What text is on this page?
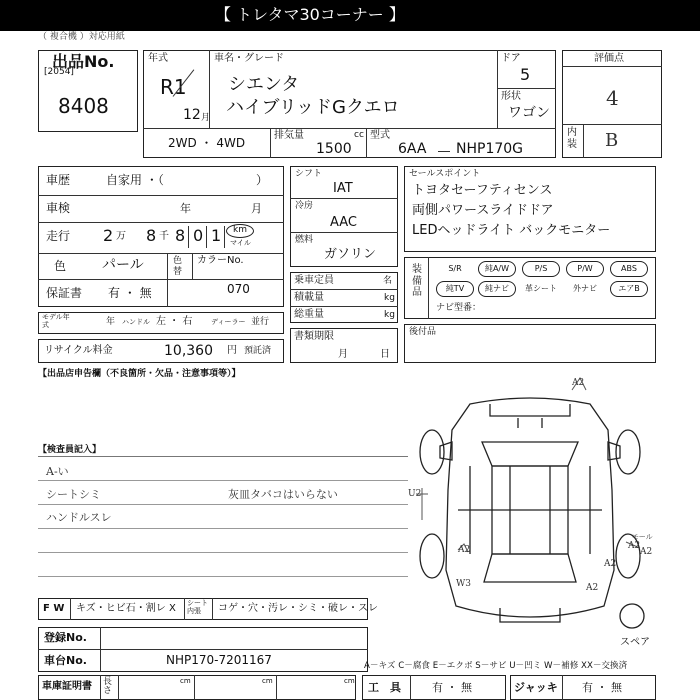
【 トレタマ30コーナー 】
（ 複合機 ）対応用紙
出品No.
[2054]
8408
年式
R1
12 月
車名・グレード
シエンタ
ハイブリッドGクエロ
ドア
5
形状
ワゴン
2WD ・ 4WD
排気量	cc
1500
型式
6AA NHP170G
評価点
4
内装 B
車歴	自家用 ・（	）
車検	年	月
走行 2 万 8 千 8 0 1 km
マイル
色	パール	色替
カラーNo.
070
保証書 有 ・ 無
モデル年式	年 ハンドル 左 ・ 右	ディーラー 並行
リサイクル料金	10,360 円 預託済
シフト
IAT
冷房
AAC
燃料
ガソリン
乗車定員	名
積載量	kg
総重量	kg
書類期限
月	日
セールスポイント
トヨタセーフティセンス
両側パワースライドドア
LEDヘッドライト バックモニター
装備品
S/R	純A/W	P/S	P/W	ABS
純TV	純ナビ	革シート	外ナビ	エアB
ナビ型番：
後付品
【出品店申告欄（不良箇所・欠品・注意事項等）】
【検査員記入】
A-い
シートシミ
ハンドルスレ
灰皿タバコはいらない
A2
A2	A2
A2
A2
モール
U2
W3
A2
スペア
F W キズ・ヒビ石・割レ X シート内張	コゲ・穴・汚レ・シミ・破レ・スレ
登録No.
車台No.	NHP170-7201167	A－キズ C－腐食 E－エクボ S－サビ U－凹ミ W－補修 XX－交換済
車庫証明書 長さ
cm	cm	cm 工　具	有 ・ 無	ジャッキ 有 ・ 無
